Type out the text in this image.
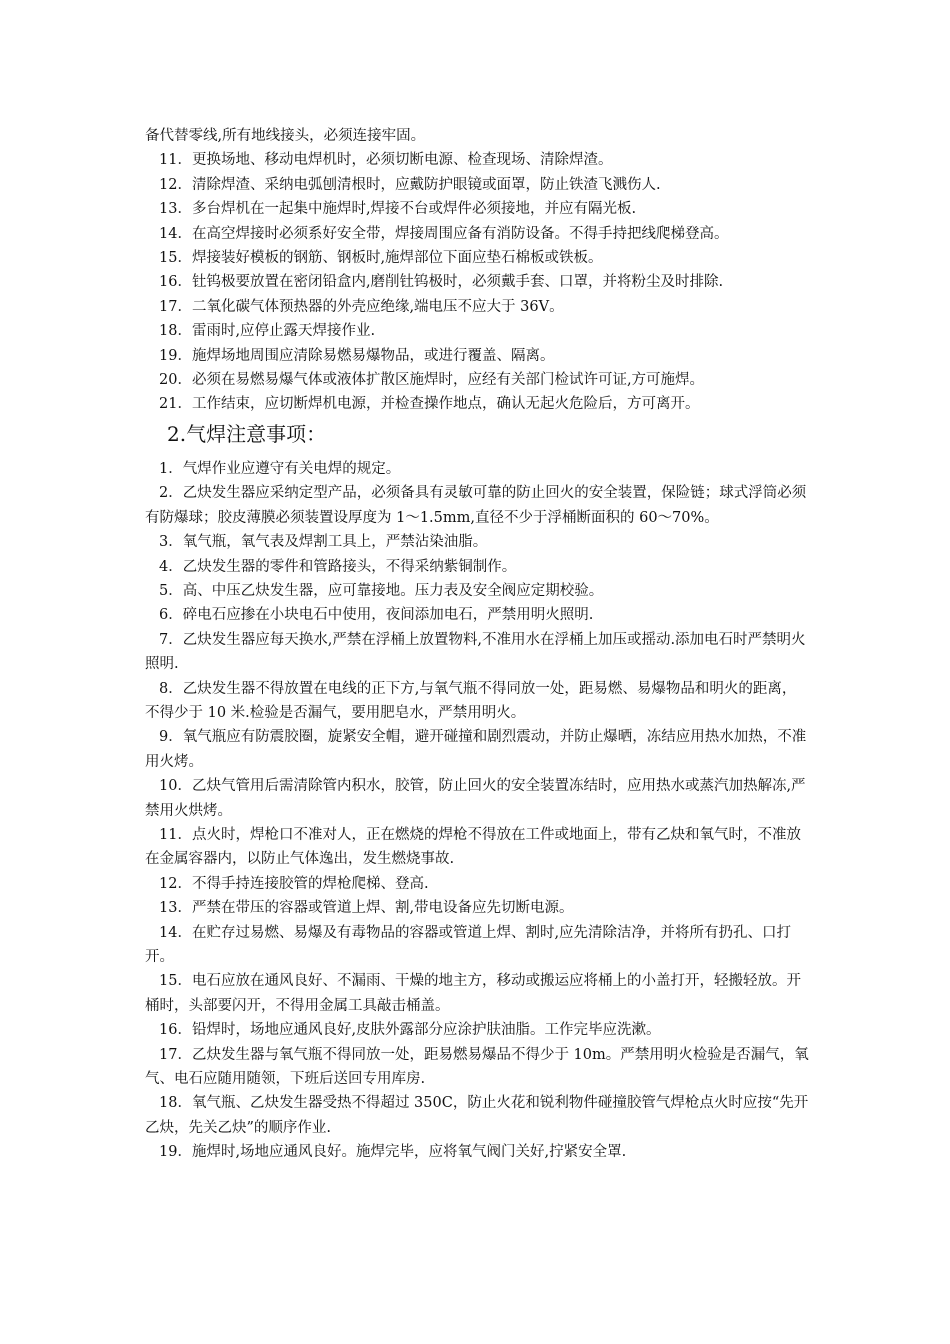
备代替零线,所有地线接头，必须连接牢固。

11．更换场地、移动电焊机时，必须切断电源、检查现场、清除焊渣。

12．清除焊渣、采纳电弧刨清根时，应戴防护眼镜或面罩，防止铁渣飞溅伤人.

13．多台焊机在一起集中施焊时,焊接不台或焊件必须接地，并应有隔光板.

14．在高空焊接时必须系好安全带，焊接周围应备有消防设备。不得手持把线爬梯登高。

15．焊接装好模板的钢筋、钢板时,施焊部位下面应垫石棉板或铁板。

16．钍钨极要放置在密闭铅盒内,磨削钍钨极时，必须戴手套、口罩，并将粉尘及时排除.

17．二氧化碳气体预热器的外壳应绝缘,端电压不应大于 36V。

18．雷雨时,应停止露天焊接作业.

19．施焊场地周围应清除易燃易爆物品，或进行覆盖、隔离。

20．必须在易燃易爆气体或液体扩散区施焊时，应经有关部门检试许可证,方可施焊。

21．工作结束，应切断焊机电源，并检查操作地点，确认无起火危险后，方可离开。

2.气焊注意事项：

1．气焊作业应遵守有关电焊的规定。

2．乙炔发生器应采纳定型产品，必须备具有灵敏可靠的防止回火的安全装置，保险链；球式浮筒必须有防爆球；胶皮薄膜必须装置设厚度为 1～1.5mm,直径不少于浮桶断面积的 60～70%。

3．氧气瓶，氧气表及焊割工具上，严禁沾染油脂。

4．乙炔发生器的零件和管路接头，不得采纳紫铜制作。

5．高、中压乙炔发生器，应可靠接地。压力表及安全阀应定期校验。

6．碎电石应掺在小块电石中使用，夜间添加电石，严禁用明火照明.

7．乙炔发生器应每天换水,严禁在浮桶上放置物料,不准用水在浮桶上加压或摇动.添加电石时严禁明火照明.

8．乙炔发生器不得放置在电线的正下方,与氧气瓶不得同放一处，距易燃、易爆物品和明火的距离，不得少于 10 米.检验是否漏气，要用肥皂水，严禁用明火。

9．氧气瓶应有防震胶圈，旋紧安全帽，避开碰撞和剧烈震动，并防止爆晒，冻结应用热水加热，不准用火烤。

10．乙炔气管用后需清除管内积水，胶管，防止回火的安全装置冻结时，应用热水或蒸汽加热解冻,严禁用火烘烤。

11．点火时，焊枪口不准对人，正在燃烧的焊枪不得放在工件或地面上，带有乙炔和氧气时，不准放在金属容器内，以防止气体逸出，发生燃烧事故.

12．不得手持连接胶管的焊枪爬梯、登高.

13．严禁在带压的容器或管道上焊、割,带电设备应先切断电源。

14．在贮存过易燃、易爆及有毒物品的容器或管道上焊、割时,应先清除洁净，并将所有扔孔、口打开。

15．电石应放在通风良好、不漏雨、干燥的地主方，移动或搬运应将桶上的小盖打开，轻搬轻放。开桶时，头部要闪开，不得用金属工具敲击桶盖。

16．铅焊时，场地应通风良好,皮肤外露部分应涂护肤油脂。工作完毕应洗漱。

17．乙炔发生器与氧气瓶不得同放一处，距易燃易爆品不得少于 10m。严禁用明火检验是否漏气，氧气、电石应随用随领，下班后送回专用库房.

18．氧气瓶、乙炔发生器受热不得超过 350C，防止火花和锐利物件碰撞胶管气焊枪点火时应按“先开乙炔，先关乙炔”的顺序作业.

19．施焊时,场地应通风良好。施焊完毕，应将氧气阀门关好,拧紧安全罩.
